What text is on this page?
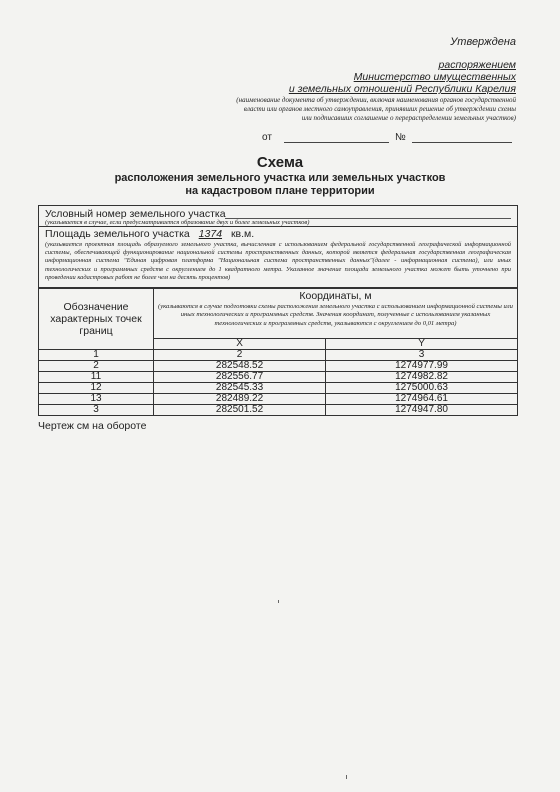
Утверждена
распоряжением
Министерство имущественных
и земельных отношений Республики Карелия
(наименование документа об утверждении, включая наименования органов государственной власти или органов местного самоуправления, принявших решение об утверждении схемы или подписавших соглашение о перераспределении земельных участков)
от	№
Схема
расположения земельного участка или земельных участков
на кадастровом плане территории
Условный номер земельного участка
(указывается в случае, если предусматривается образование двух и более земельных участков)
Площадь земельного участка 1374 кв.м.
(указывается проектная площадь образуемого земельного участка, вычисленная с использованием федеральной государственной географической информационной системы, обеспечивающей функционирование национальной системы пространственных данных, которой является федеральная государственная географическая информационная система "Единая цифровая платформа "Национальная система пространственных данных"(далее - информационная система), или иных технологических и программных средств с округлением до 1 квадратного метра. Указанное значение площади земельного участка может быть уточнено при проведении кадастровых работ не более чем на десять процентов)
Обозначение характерных точек границ	Координаты, м
(указываются в случае подготовки схемы расположения земельного участка с использованием информационной системы или иных технологических и программных средств. Значения координат, полученные с использованием указанных технологических и программных средств, указываются с округлением до 0,01 метра)	

	X	Y
1	2	3
2	282548.52	1274977.99
11	282556.77	1274982.82
12	282545.33	1275000.63
13	282489.22	1274964.61
3	282501.52	1274947.80
Чертеж см на обороте
